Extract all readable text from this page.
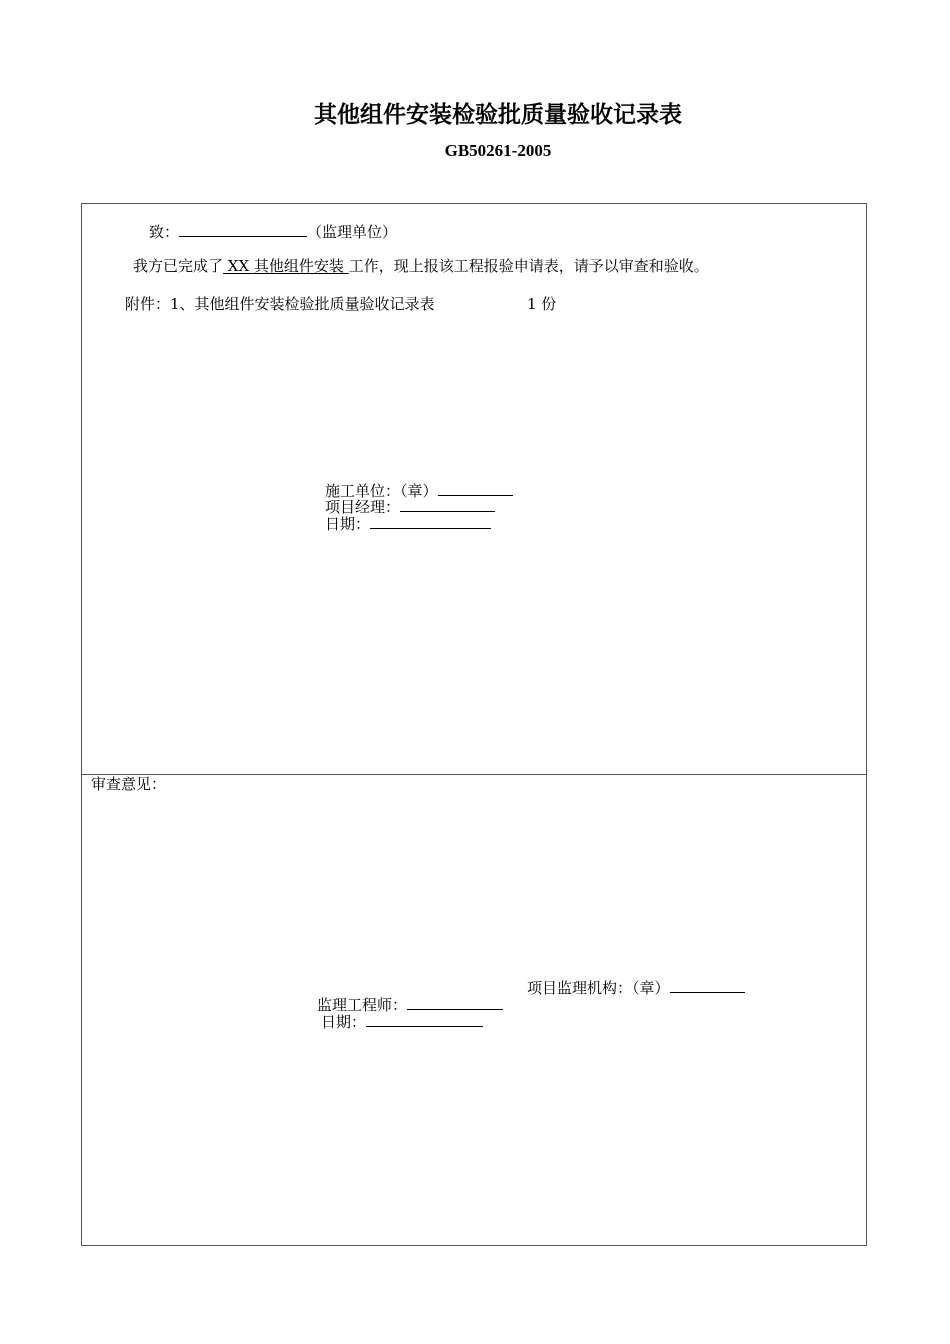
其他组件安装检验批质量验收记录表
GB50261-2005
致：	（监理单位）
我方已完成了 XX 其他组件安装 工作，现上报该工程报验申请表，请予以审查和验收。
附件：1、其他组件安装检验批质量验收记录表	1 份
施工单位：（章）
项目经理：
日期：
审查意见：
项目监理机构：（章）
监理工程师：
日期：
